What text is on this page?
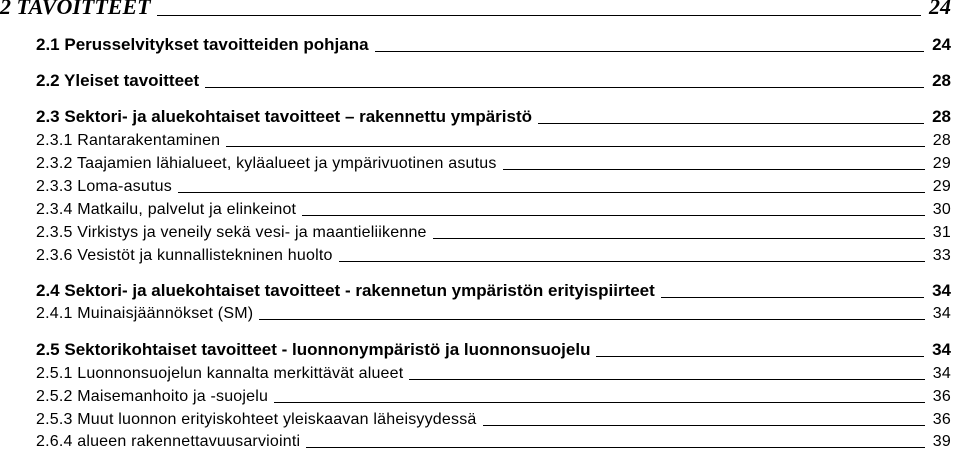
2 TAVOITTEET	24
2.1 Perusselvitykset tavoitteiden pohjana	24
2.2 Yleiset tavoitteet	28
2.3 Sektori- ja aluekohtaiset tavoitteet – rakennettu ympäristö	28
2.3.1 Rantarakentaminen	28
2.3.2 Taajamien lähialueet, kyläalueet ja ympärivuotinen asutus	29
2.3.3 Loma-asutus	29
2.3.4 Matkailu, palvelut ja elinkeinot	30
2.3.5 Virkistys ja veneily sekä vesi- ja maantieliikenne	31
2.3.6 Vesistöt ja kunnallistekninen huolto	33
2.4 Sektori- ja aluekohtaiset tavoitteet - rakennetun ympäristön erityispiirteet	34
2.4.1 Muinaisjäännökset (SM)	34
2.5 Sektorikohtaiset tavoitteet - luonnonympäristö ja luonnonsuojelu	34
2.5.1 Luonnonsuojelun kannalta merkittävät alueet	34
2.5.2 Maisemanhoito ja -suojelu	36
2.5.3 Muut luonnon erityiskohteet yleiskaavan läheisyydessä	36
2.6.4 alueen rakennettavuusarviointi	39
